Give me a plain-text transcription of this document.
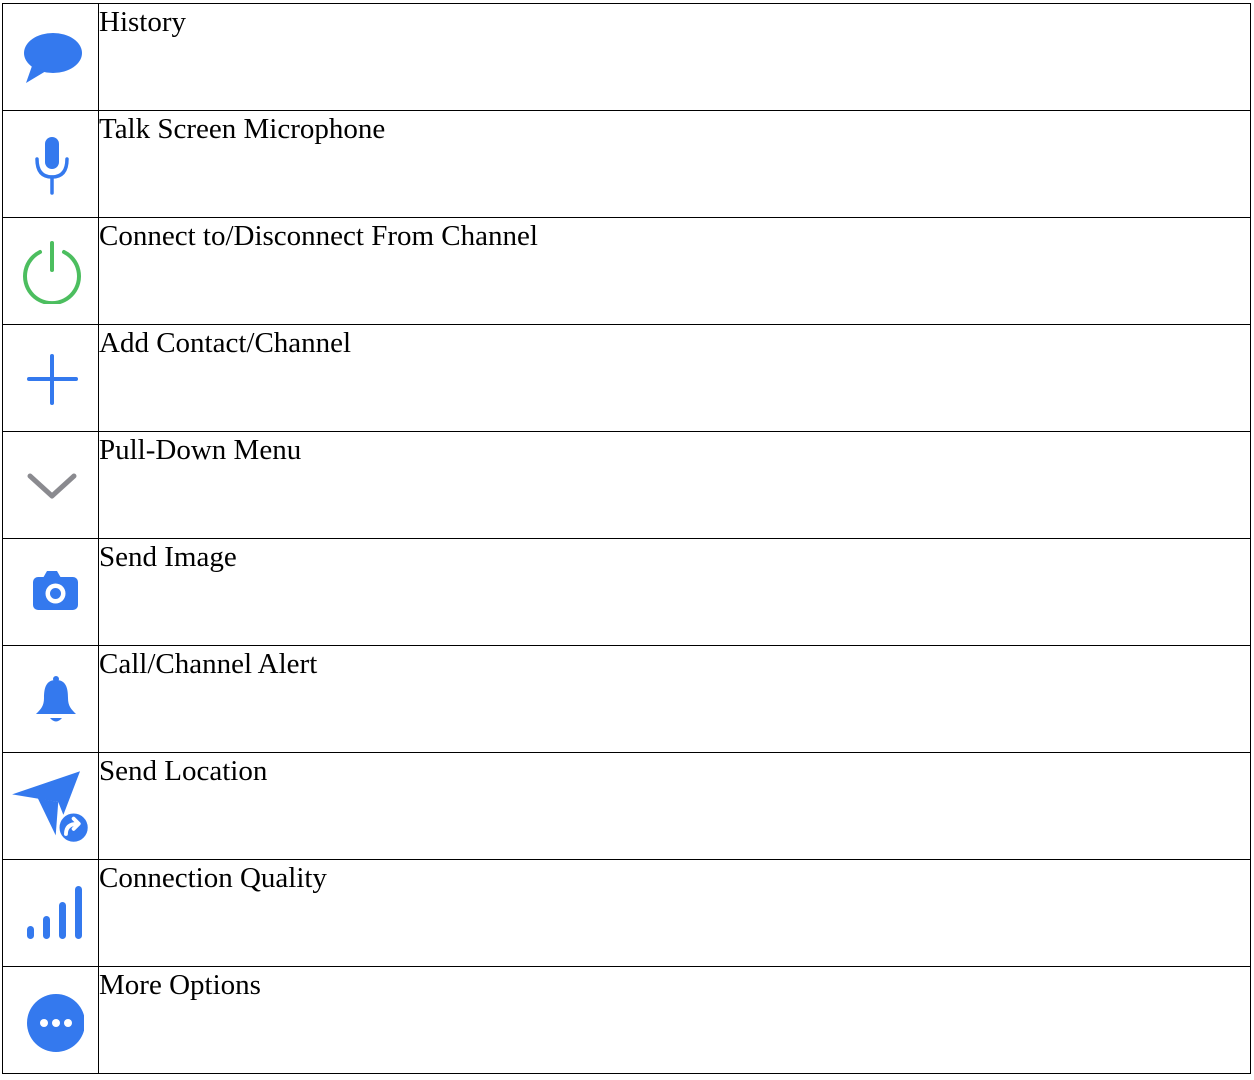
	History

	Talk Screen Microphone

	Connect to/Disconnect From Channel

	Add Contact/Channel

	Pull-Down Menu

	Send Image

	Call/Channel Alert

	Send Location

	Connection Quality

	More Options
